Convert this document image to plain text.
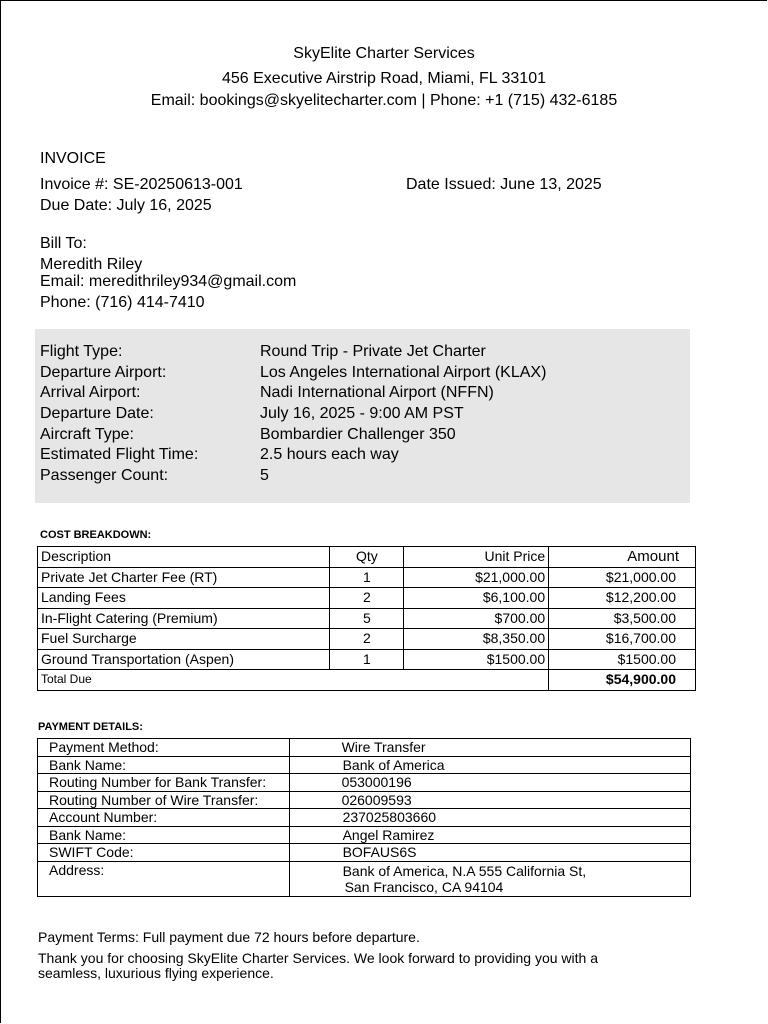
SkyElite Charter Services
456 Executive Airstrip Road, Miami, FL 33101
Email: bookings@skyelitecharter.com | Phone: +1 (715) 432-6185
INVOICE
Invoice #: SE-20250613-001	Date Issued: June 13, 2025
Due Date: July 16, 2025
Bill To:
Meredith Riley
Email: meredithriley934@gmail.com
Phone: (716) 414-7410
Flight Type:	Round Trip - Private Jet Charter
Departure Airport:	Los Angeles International Airport (KLAX)
Arrival Airport:	Nadi International Airport (NFFN)
Departure Date:	July 16, 2025 - 9:00 AM PST
Aircraft Type:	Bombardier Challenger 350
Estimated Flight Time:	2.5 hours each way
Passenger Count:	5
COST BREAKDOWN:
Description	Qty	Unit Price	Amount
Private Jet Charter Fee (RT)	1	$21,000.00	$21,000.00
Landing Fees	2	$6,100.00	$12,200.00
In-Flight Catering (Premium)	5	$700.00	$3,500.00
Fuel Surcharge	2	$8,350.00	$16,700.00
Ground Transportation (Aspen)	1	$1500.00	$1500.00
Total Due			$54,900.00
PAYMENT DETAILS:
Payment Method:	Wire Transfer
Bank Name:	Bank of America
Routing Number for Bank Transfer:	053000196
Routing Number of Wire Transfer:	026009593
Account Number:	237025803660
Bank Name:	Angel Ramirez
SWIFT Code:	BOFAUS6S
Address:	Bank of America, N.A 555 California St,
San Francisco, CA 94104
Payment Terms: Full payment due 72 hours before departure.
Thank you for choosing SkyElite Charter Services. We look forward to providing you with a
seamless, luxurious flying experience.
